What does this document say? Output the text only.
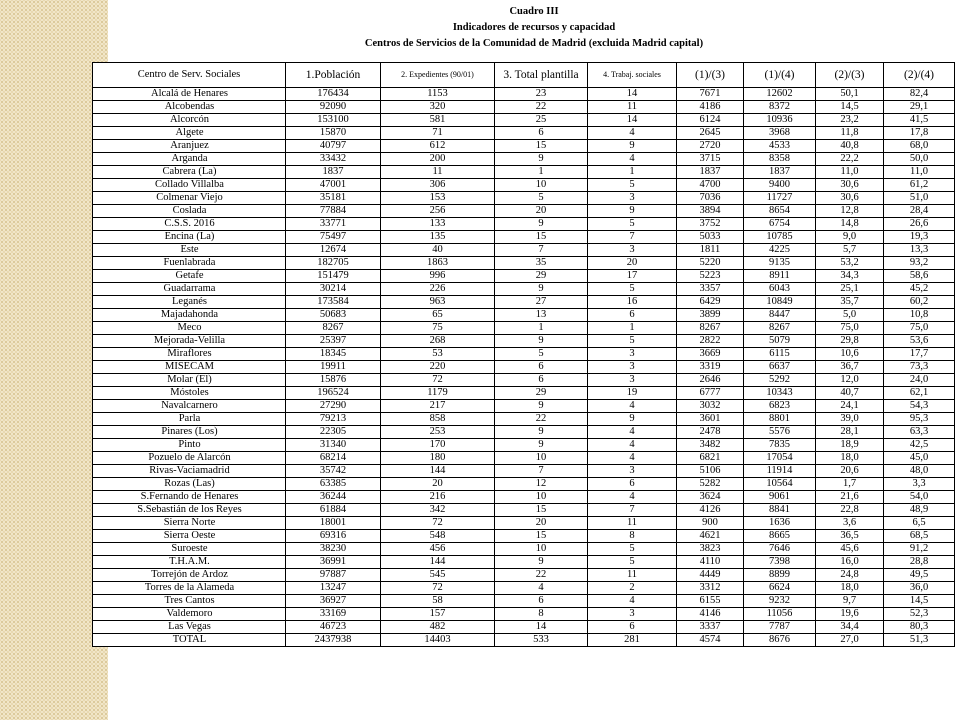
Cuadro III
Indicadores de recursos y capacidad
Centros de Servicios de la Comunidad de Madrid (excluida Madrid capital)
Centro de Serv. Sociales	1.Población	2. Expedientes (90/01)	3. Total plantilla	4. Trabaj. sociales	(1)/(3)	(1)/(4)	(2)/(3)	(2)/(4)
Alcalá de Henares	176434	1153	23	14	7671	12602	50,1	82,4
Alcobendas	92090	320	22	11	4186	8372	14,5	29,1
Alcorcón	153100	581	25	14	6124	10936	23,2	41,5
Algete	15870	71	6	4	2645	3968	11,8	17,8
Aranjuez	40797	612	15	9	2720	4533	40,8	68,0
Arganda	33432	200	9	4	3715	8358	22,2	50,0
Cabrera (La)	1837	11	1	1	1837	1837	11,0	11,0
Collado Villalba	47001	306	10	5	4700	9400	30,6	61,2
Colmenar Viejo	35181	153	5	3	7036	11727	30,6	51,0
Coslada	77884	256	20	9	3894	8654	12,8	28,4
C.S.S. 2016	33771	133	9	5	3752	6754	14,8	26,6
Encina (La)	75497	135	15	7	5033	10785	9,0	19,3
Este	12674	40	7	3	1811	4225	5,7	13,3
Fuenlabrada	182705	1863	35	20	5220	9135	53,2	93,2
Getafe	151479	996	29	17	5223	8911	34,3	58,6
Guadarrama	30214	226	9	5	3357	6043	25,1	45,2
Leganés	173584	963	27	16	6429	10849	35,7	60,2
Majadahonda	50683	65	13	6	3899	8447	5,0	10,8
Meco	8267	75	1	1	8267	8267	75,0	75,0
Mejorada-Velilla	25397	268	9	5	2822	5079	29,8	53,6
Miraflores	18345	53	5	3	3669	6115	10,6	17,7
MISECAM	19911	220	6	3	3319	6637	36,7	73,3
Molar (El)	15876	72	6	3	2646	5292	12,0	24,0
Móstoles	196524	1179	29	19	6777	10343	40,7	62,1
Navalcarnero	27290	217	9	4	3032	6823	24,1	54,3
Parla	79213	858	22	9	3601	8801	39,0	95,3
Pinares (Los)	22305	253	9	4	2478	5576	28,1	63,3
Pinto	31340	170	9	4	3482	7835	18,9	42,5
Pozuelo de Alarcón	68214	180	10	4	6821	17054	18,0	45,0
Rivas-Vaciamadrid	35742	144	7	3	5106	11914	20,6	48,0
Rozas (Las)	63385	20	12	6	5282	10564	1,7	3,3
S.Fernando de Henares	36244	216	10	4	3624	9061	21,6	54,0
S.Sebastián de los Reyes	61884	342	15	7	4126	8841	22,8	48,9
Sierra Norte	18001	72	20	11	900	1636	3,6	6,5
Sierra Oeste	69316	548	15	8	4621	8665	36,5	68,5
Suroeste	38230	456	10	5	3823	7646	45,6	91,2
T.H.A.M.	36991	144	9	5	4110	7398	16,0	28,8
Torrejón de Ardoz	97887	545	22	11	4449	8899	24,8	49,5
Torres de la Alameda	13247	72	4	2	3312	6624	18,0	36,0
Tres Cantos	36927	58	6	4	6155	9232	9,7	14,5
Valdemoro	33169	157	8	3	4146	11056	19,6	52,3
Las Vegas	46723	482	14	6	3337	7787	34,4	80,3
TOTAL	2437938	14403	533	281	4574	8676	27,0	51,3
